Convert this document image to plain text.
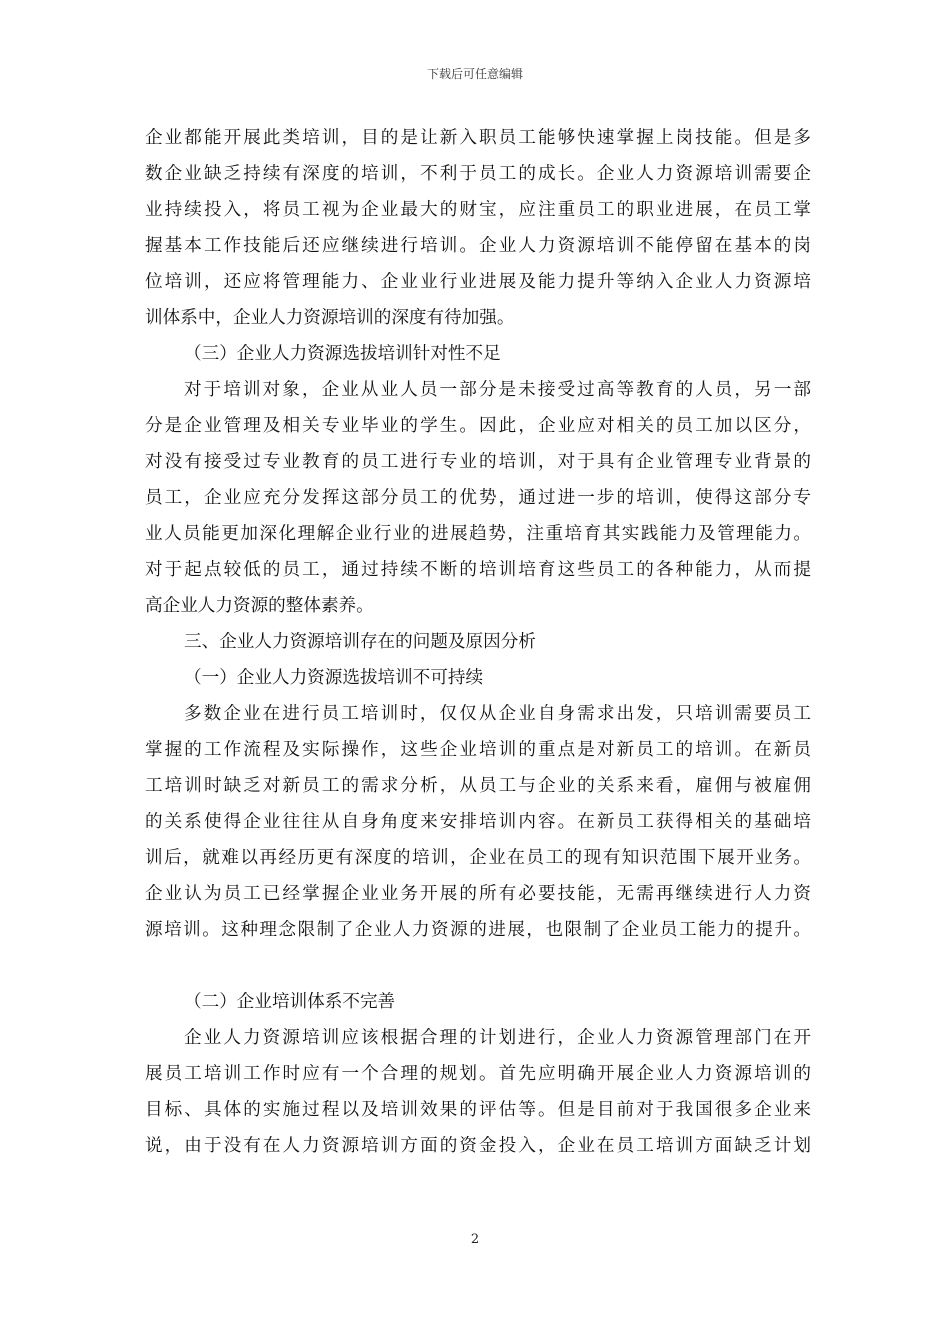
下载后可任意编辑
企业都能开展此类培训，目的是让新入职员工能够快速掌握上岗技能。但是多
数企业缺乏持续有深度的培训，不利于员工的成长。企业人力资源培训需要企
业持续投入，将员工视为企业最大的财宝，应注重员工的职业进展，在员工掌
握基本工作技能后还应继续进行培训。企业人力资源培训不能停留在基本的岗
位培训，还应将管理能力、企业业行业进展及能力提升等纳入企业人力资源培
训体系中，企业人力资源培训的深度有待加强。
（三）企业人力资源选拔培训针对性不足
对于培训对象，企业从业人员一部分是未接受过高等教育的人员，另一部
分是企业管理及相关专业毕业的学生。因此，企业应对相关的员工加以区分，
对没有接受过专业教育的员工进行专业的培训，对于具有企业管理专业背景的
员工，企业应充分发挥这部分员工的优势，通过进一步的培训，使得这部分专
业人员能更加深化理解企业行业的进展趋势，注重培育其实践能力及管理能力。
对于起点较低的员工，通过持续不断的培训培育这些员工的各种能力，从而提
高企业人力资源的整体素养。
三、企业人力资源培训存在的问题及原因分析
（一）企业人力资源选拔培训不可持续
多数企业在进行员工培训时，仅仅从企业自身需求出发，只培训需要员工
掌握的工作流程及实际操作，这些企业培训的重点是对新员工的培训。在新员
工培训时缺乏对新员工的需求分析，从员工与企业的关系来看，雇佣与被雇佣
的关系使得企业往往从自身角度来安排培训内容。在新员工获得相关的基础培
训后，就难以再经历更有深度的培训，企业在员工的现有知识范围下展开业务。
企业认为员工已经掌握企业业务开展的所有必要技能，无需再继续进行人力资
源培训。这种理念限制了企业人力资源的进展，也限制了企业员工能力的提升。
（二）企业培训体系不完善
企业人力资源培训应该根据合理的计划进行，企业人力资源管理部门在开
展员工培训工作时应有一个合理的规划。首先应明确开展企业人力资源培训的
目标、具体的实施过程以及培训效果的评估等。但是目前对于我国很多企业来
说，由于没有在人力资源培训方面的资金投入，企业在员工培训方面缺乏计划
2
